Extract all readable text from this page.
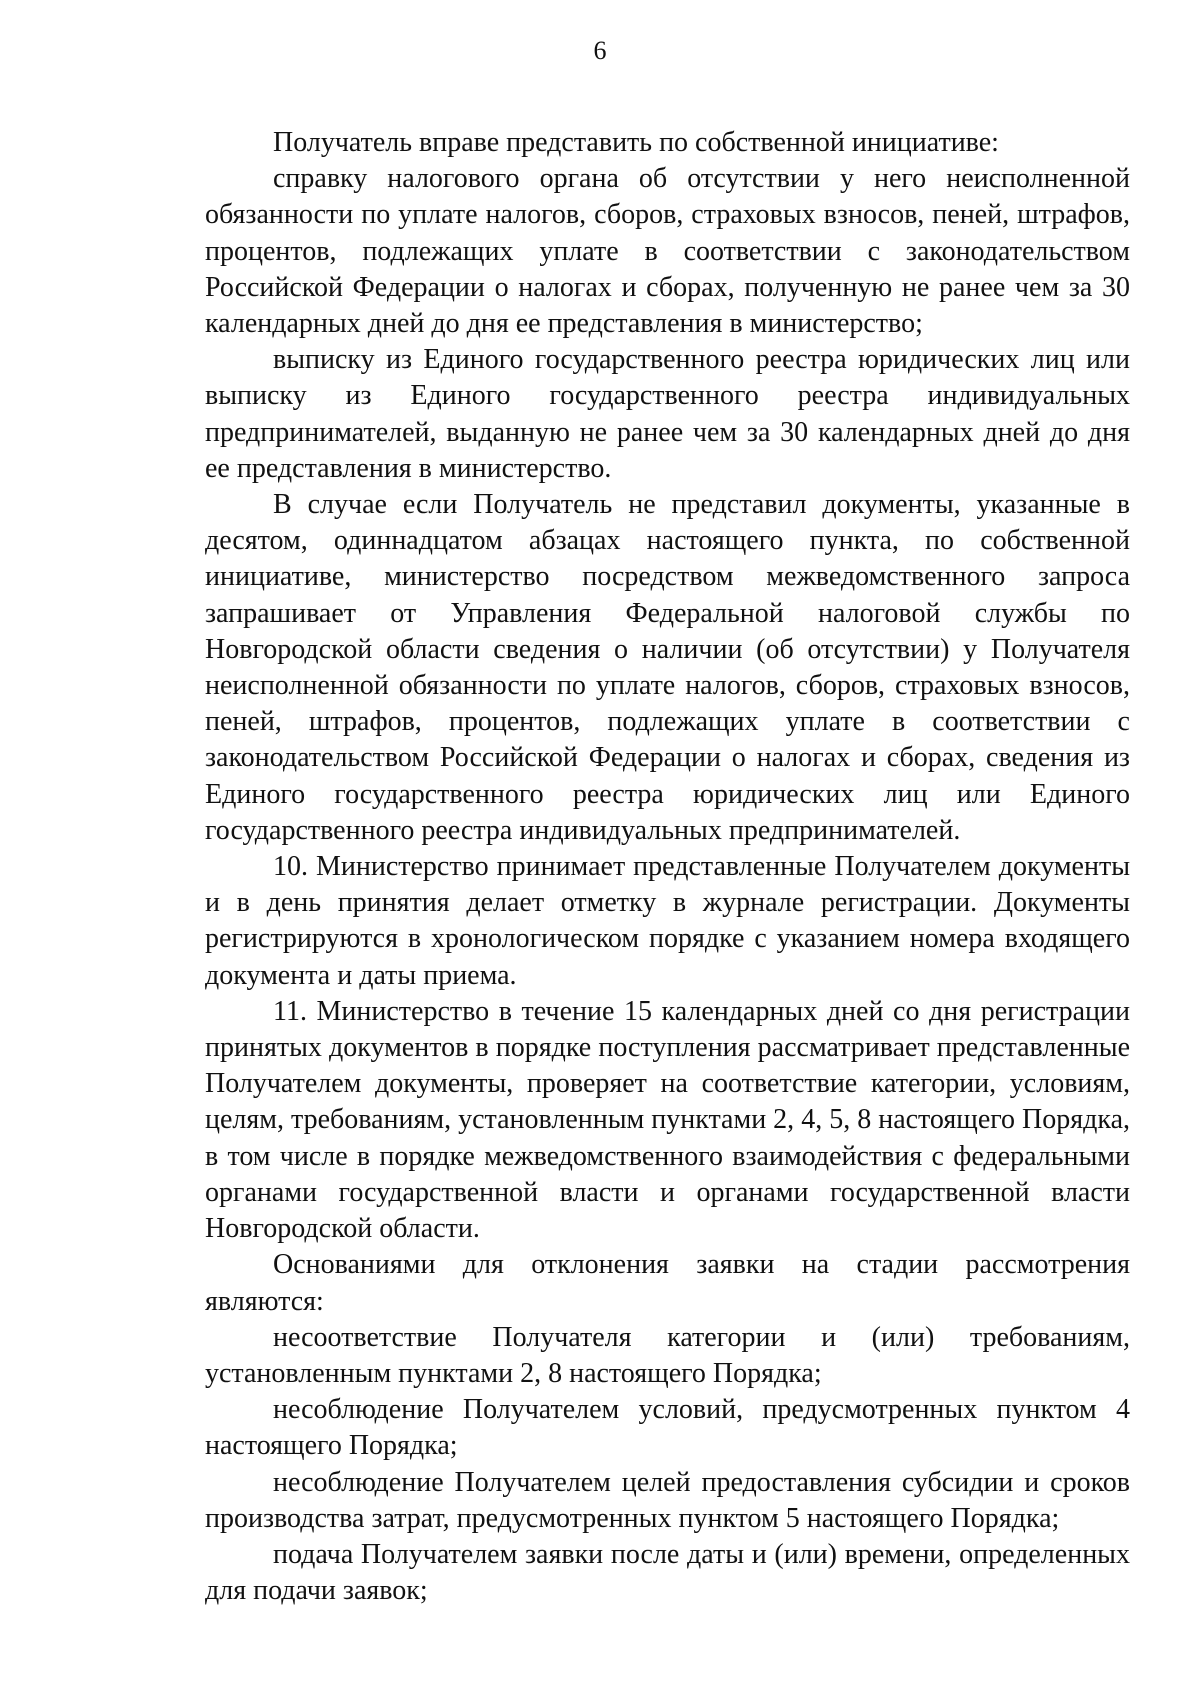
6

Получатель вправе представить по собственной инициативе:

справку налогового органа об отсутствии у него неисполненной обязанности по уплате налогов, сборов, страховых взносов, пеней, штрафов, процентов, подлежащих уплате в соответствии с законодательством Российской Федерации о налогах и сборах, полученную не ранее чем за 30 календарных дней до дня ее представления в министерство;

выписку из Единого государственного реестра юридических лиц или выписку из Единого государственного реестра индивидуальных предпринимателей, выданную не ранее чем за 30 календарных дней до дня ее представления в министерство.

В случае если Получатель не представил документы, указанные в десятом, одиннадцатом абзацах настоящего пункта, по собственной инициативе, министерство посредством межведомственного запроса запрашивает от Управления Федеральной налоговой службы по Новгородской области сведения о наличии (об отсутствии) у Получателя неисполненной обязанности по уплате налогов, сборов, страховых взносов, пеней, штрафов, процентов, подлежащих уплате в соответствии с законодательством Российской Федерации о налогах и сборах, сведения из Единого государственного реестра юридических лиц или Единого государственного реестра индивидуальных предпринимателей.

10. Министерство принимает представленные Получателем документы и в день принятия делает отметку в журнале регистрации. Документы регистрируются в хронологическом порядке с указанием номера входящего документа и даты приема.

11. Министерство в течение 15 календарных дней со дня регистрации принятых документов в порядке поступления рассматривает представленные Получателем документы, проверяет на соответствие категории, условиям, целям, требованиям, установленным пунктами 2, 4, 5, 8 настоящего Порядка, в том числе в порядке межведомственного взаимодействия с федеральными органами государственной власти и органами государственной власти Новгородской области.

Основаниями для отклонения заявки на стадии рассмотрения являются:

несоответствие Получателя категории и (или) требованиям, установленным пунктами 2, 8 настоящего Порядка;

несоблюдение Получателем условий, предусмотренных пунктом 4 настоящего Порядка;

несоблюдение Получателем целей предоставления субсидии и сроков производства затрат, предусмотренных пунктом 5 настоящего Порядка;

подача Получателем заявки после даты и (или) времени, определенных для подачи заявок;
